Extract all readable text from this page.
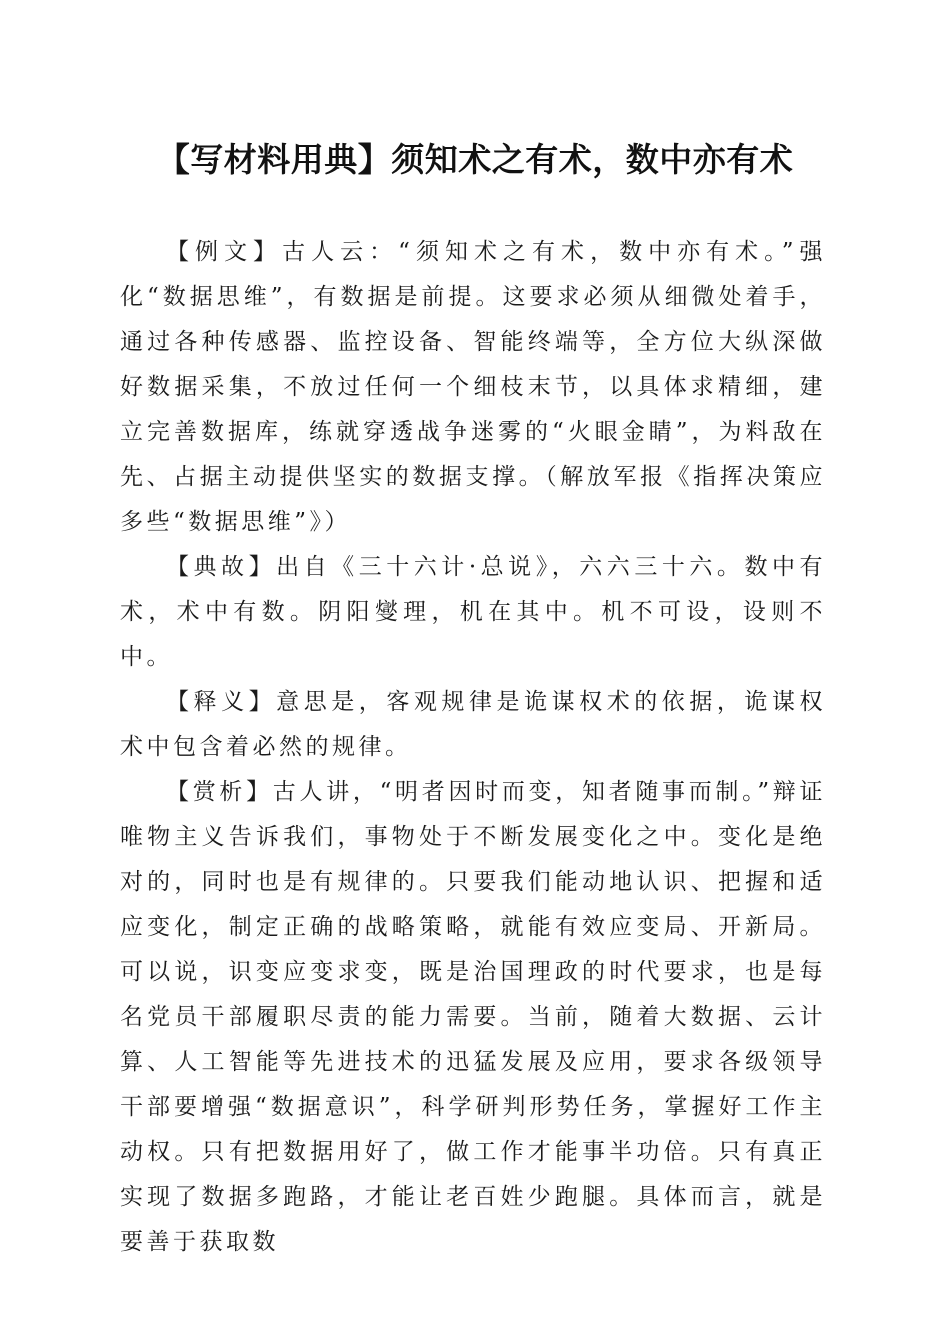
【写材料用典】须知术之有术，数中亦有术

【例文】古人云：“须知术之有术，数中亦有术。”强化“数据思维”，有数据是前提。这要求必须从细微处着手，通过各种传感器、监控设备、智能终端等，全方位大纵深做好数据采集，不放过任何一个细枝末节，以具体求精细，建立完善数据库，练就穿透战争迷雾的“火眼金睛”，为料敌在先、占据主动提供坚实的数据支撑。（解放军报《指挥决策应多些“数据思维”》）

【典故】出自《三十六计·总说》，六六三十六。数中有术，术中有数。阴阳燮理，机在其中。机不可设，设则不中。

【释义】意思是，客观规律是诡谋权术的依据，诡谋权术中包含着必然的规律。

【赏析】古人讲，“明者因时而变，知者随事而制。”辩证唯物主义告诉我们，事物处于不断发展变化之中。变化是绝对的，同时也是有规律的。只要我们能动地认识、把握和适应变化，制定正确的战略策略，就能有效应变局、开新局。可以说，识变应变求变，既是治国理政的时代要求，也是每名党员干部履职尽责的能力需要。当前，随着大数据、云计算、人工智能等先进技术的迅猛发展及应用，要求各级领导干部要增强“数据意识”，科学研判形势任务，掌握好工作主动权。只有把数据用好了，做工作才能事半功倍。只有真正实现了数据多跑路，才能让老百姓少跑腿。具体而言，就是要善于获取数
